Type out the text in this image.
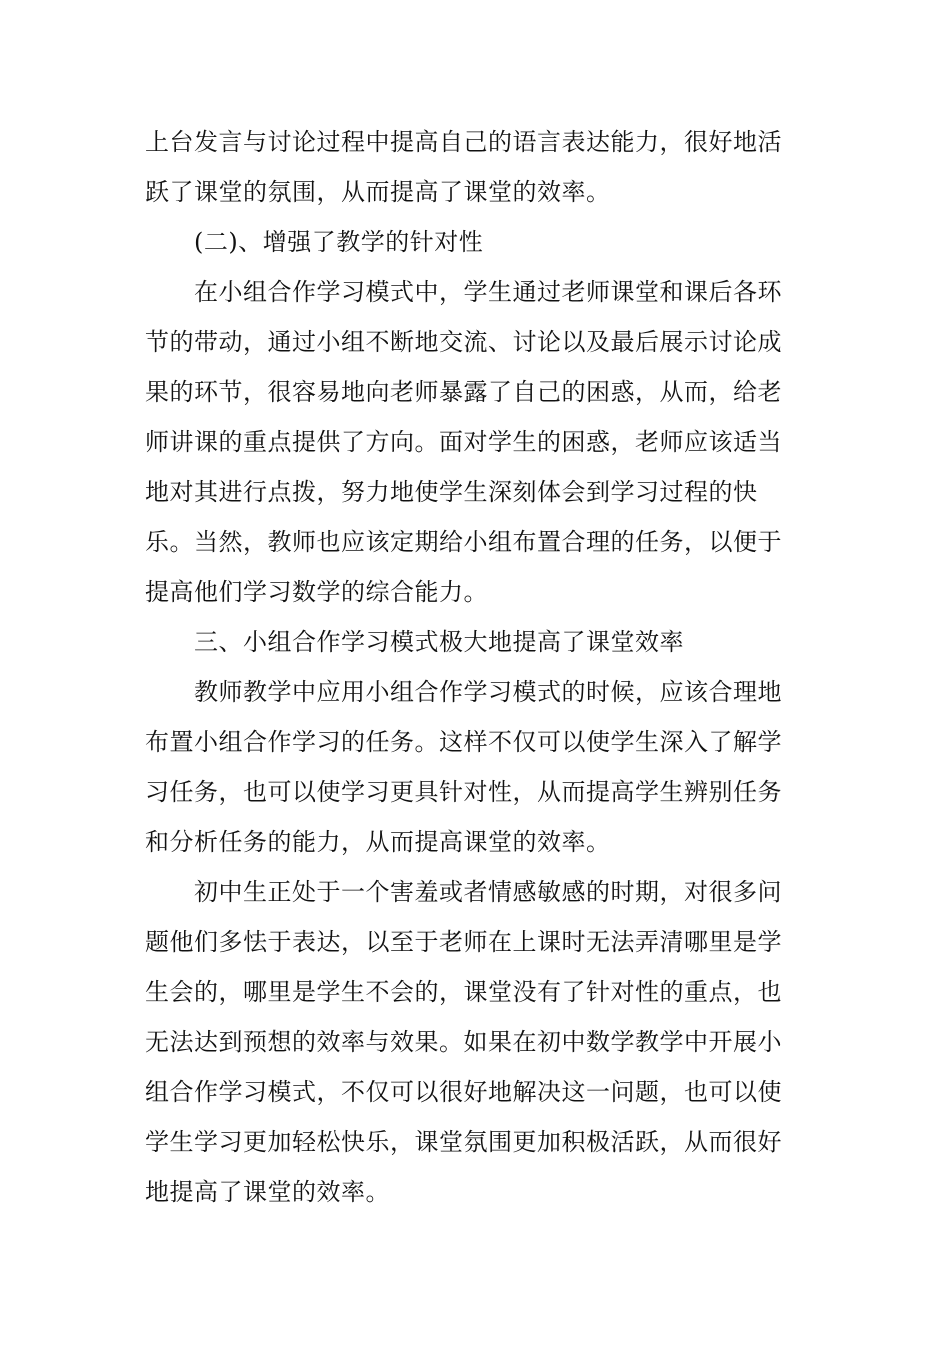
上台发言与讨论过程中提高自己的语言表达能力，很好地活
跃了课堂的氛围，从而提高了课堂的效率。
(二)、增强了教学的针对性
在小组合作学习模式中，学生通过老师课堂和课后各环
节的带动，通过小组不断地交流、讨论以及最后展示讨论成
果的环节，很容易地向老师暴露了自己的困惑，从而，给老
师讲课的重点提供了方向。面对学生的困惑，老师应该适当
地对其进行点拨，努力地使学生深刻体会到学习过程的快
乐。当然，教师也应该定期给小组布置合理的任务，以便于
提高他们学习数学的综合能力。
三、小组合作学习模式极大地提高了课堂效率
教师教学中应用小组合作学习模式的时候，应该合理地
布置小组合作学习的任务。这样不仅可以使学生深入了解学
习任务，也可以使学习更具针对性，从而提高学生辨别任务
和分析任务的能力，从而提高课堂的效率。
初中生正处于一个害羞或者情感敏感的时期，对很多问
题他们多怯于表达，以至于老师在上课时无法弄清哪里是学
生会的，哪里是学生不会的，课堂没有了针对性的重点，也
无法达到预想的效率与效果。如果在初中数学教学中开展小
组合作学习模式，不仅可以很好地解决这一问题，也可以使
学生学习更加轻松快乐，课堂氛围更加积极活跃，从而很好
地提高了课堂的效率。
